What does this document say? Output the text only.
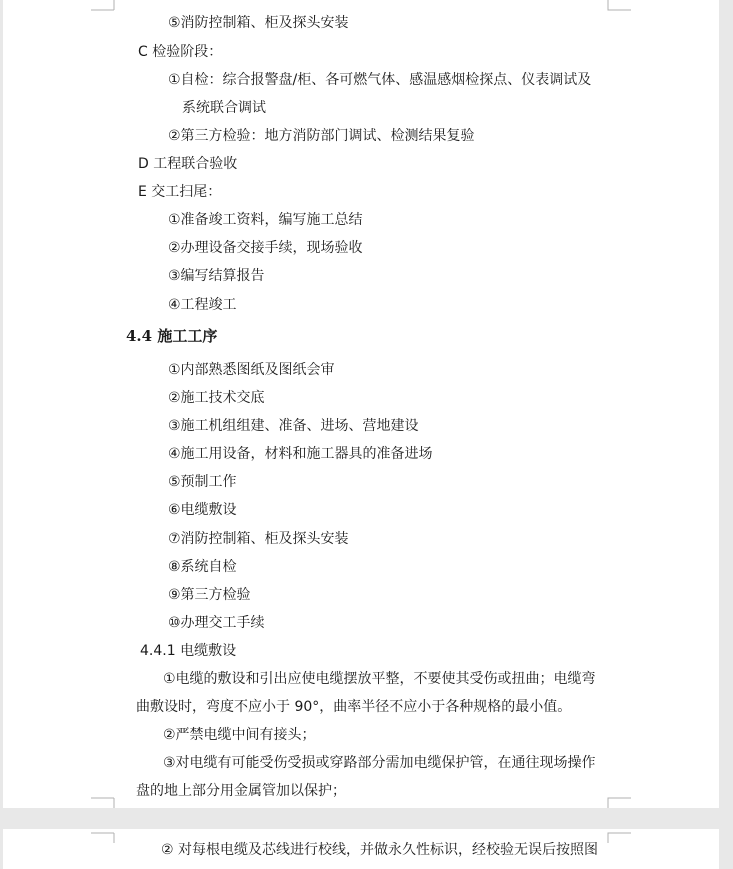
⑤消防控制箱、柜及探头安装
C 检验阶段：
①自检：综合报警盘/柜、各可燃气体、感温感烟检探点、仪表调试及
系统联合调试
②第三方检验：地方消防部门调试、检测结果复验
D 工程联合验收
E 交工扫尾：
①准备竣工资料，编写施工总结
②办理设备交接手续，现场验收
③编写结算报告
④工程竣工
4.4 施工工序
①内部熟悉图纸及图纸会审
②施工技术交底
③施工机组组建、准备、进场、营地建设
④施工用设备，材料和施工器具的准备进场
⑤预制工作
⑥电缆敷设
⑦消防控制箱、柜及探头安装
⑧系统自检
⑨第三方检验
⑩办理交工手续
4.4.1 电缆敷设
①电缆的敷设和引出应使电缆摆放平整，不要使其受伤或扭曲；电缆弯
曲敷设时，弯度不应小于 90°，曲率半径不应小于各种规格的最小值。
②严禁电缆中间有接头；
③对电缆有可能受伤受损或穿路部分需加电缆保护管，在通往现场操作
盘的地上部分用金属管加以保护；
② 对每根电缆及芯线进行校线，并做永久性标识，经校验无误后按照图
